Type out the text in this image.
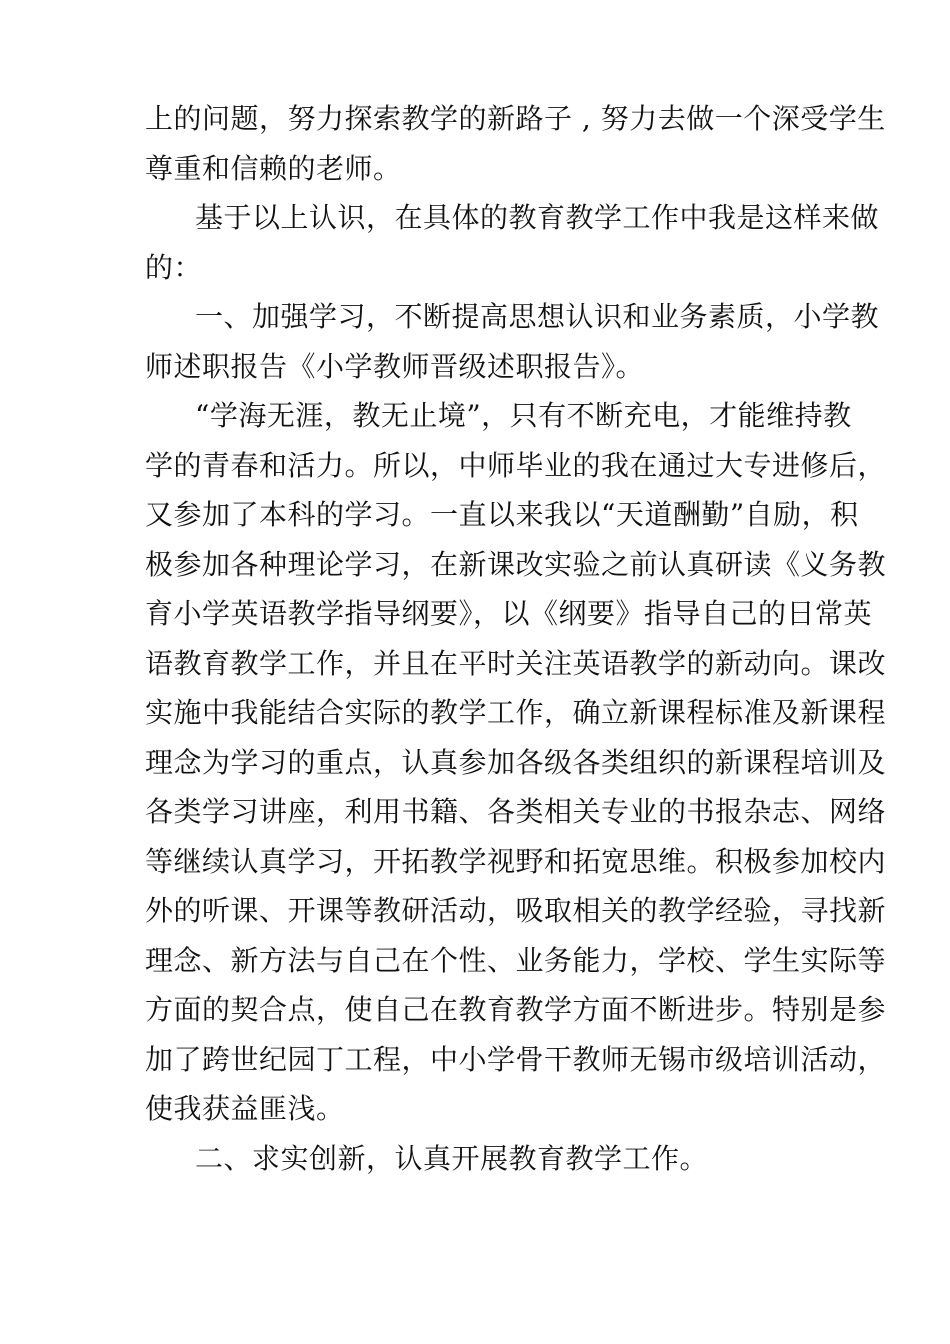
上的问题，努力探索教学的新路子 , 努力去做一个深受学生
尊重和信赖的老师。
基于以上认识，在具体的教育教学工作中我是这样来做
的：
一、加强学习，不断提高思想认识和业务素质，小学教
师述职报告《小学教师晋级述职报告》。
“学海无涯，教无止境”，只有不断充电，才能维持教
学的青春和活力。所以，中师毕业的我在通过大专进修后，
又参加了本科的学习。一直以来我以“天道酬勤”自励，积
极参加各种理论学习，在新课改实验之前认真研读《义务教
育小学英语教学指导纲要》，以《纲要》指导自己的日常英
语教育教学工作，并且在平时关注英语教学的新动向。课改
实施中我能结合实际的教学工作，确立新课程标准及新课程
理念为学习的重点，认真参加各级各类组织的新课程培训及
各类学习讲座，利用书籍、各类相关专业的书报杂志、网络
等继续认真学习，开拓教学视野和拓宽思维。积极参加校内
外的听课、开课等教研活动，吸取相关的教学经验，寻找新
理念、新方法与自己在个性、业务能力，学校、学生实际等
方面的契合点，使自己在教育教学方面不断进步。特别是参
加了跨世纪园丁工程，中小学骨干教师无锡市级培训活动，
使我获益匪浅。
二、求实创新，认真开展教育教学工作。
